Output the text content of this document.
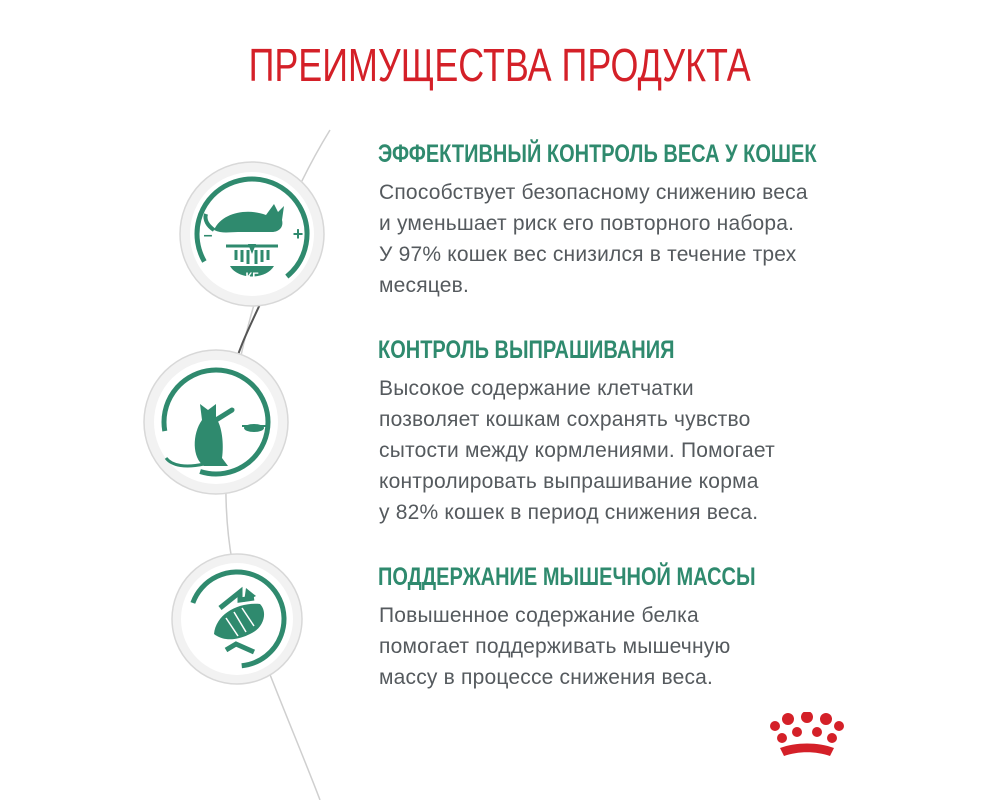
ПРЕИМУЩЕСТВА ПРОДУКТА
КГ
–	+
ЭФФЕКТИВНЫЙ КОНТРОЛЬ ВЕСА У КОШЕК
Способствует безопасному снижению веса
и уменьшает риск его повторного набора.
У 97% кошек вес снизился в течение трех
месяцев.
КОНТРОЛЬ ВЫПРАШИВАНИЯ
Высокое содержание клетчатки
позволяет кошкам сохранять чувство
сытости между кормлениями. Помогает
контролировать выпрашивание корма
у 82% кошек в период снижения веса.
ПОДДЕРЖАНИЕ МЫШЕЧНОЙ МАССЫ
Повышенное содержание белка
помогает поддерживать мышечную
массу в процессе снижения веса.
